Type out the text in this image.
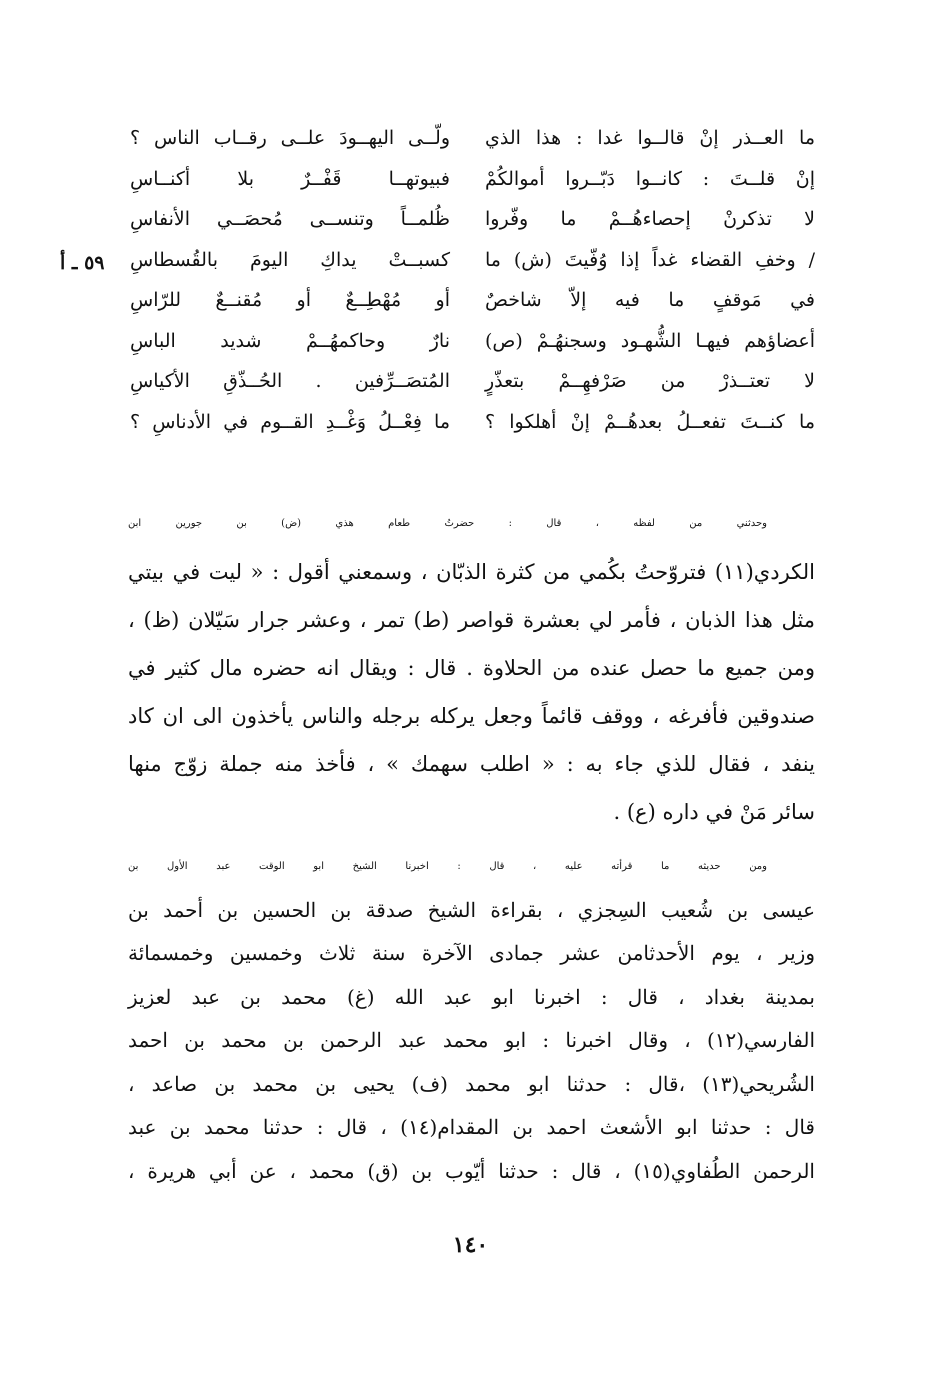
ما العــذر إنْ قالــوا غدا : هذا الذي
إنْ قلــتَ : كانــوا دَبّــروا أموالكُمْ
لا تذكرنْ إحصاءهُــمْ ما وفّروا
/ وخفِ القضاء غداً إذا وُفّيتَ (ش) ما
في مَوقفٍ ما فيه إلاّ شاخصٌ
أعضاؤهم فيهـا الشُّهـود وسجنهُـمْ (ص)
لا تعتــذرْ من صَرْفهِــمْ بتعذّرٍ
ما كنــتَ تفعــلُ بعدهُــمْ إنْ أهلكوا ؟
ولّــى اليهــودَ علــى رقــاب الناس ؟
فبيوتهــا قَفْــرٌ بلا أكنــاسِ
ظُلمــاً وتنســى مُحصَــي الأنفاسِ
كسبــتْ يداكِ اليومَ بالقُسطاسِ
أو مُهْطِــعٌ أو مُقنــعٌ للرّاسِ
نارٌ وحاكمهُــمْ شديد الباسِ
المُتصَــرِّفين . الحُــذّقِ الأكياسِ
ما فِعْــلُ وَغْــدِ القــوم في الأدناسِ ؟
٥٩ ـ أ
وحدثني من لفظه ، قال : حضرتُ طعام هذي (ض) بن جورين ابن
الكردي(١١) فتروّحتُ بكُمي من كثرة الذبّان ، وسمعني أقول : « ليت في بيتي
مثل هذا الذبان ، فأمر لي بعشرة قواصر (ط) تمر ، وعشر جرار سَيّلان (ظ) ،
ومن جميع ما حصل عنده من الحلاوة . قال : ويقال انه حضره مال كثير في
صندوقين فأفرغه ، ووقف قائماً وجعل يركله برجله والناس يأخذون الى ان كاد
ينفد ، فقال للذي جاء به : « اطلب سهمك » ، فأخذ منه جملة زوّج منها
سائر مَنْ في داره (ع) .
ومن حديثه ما قرأته عليه ، قال : اخبرنا الشيخ ابو الوقت عبد الأول بن
عيسى بن شُعيب السِجزي ، بقراءة الشيخ صدقة بن الحسين بن أحمد بن
وزير ، يوم الأحدثامن عشر جمادى الآخرة سنة ثلاث وخمسين وخمسمائة
بمدينة بغداد ، قال : اخبرنا ابو عبد الله (غ) محمد بن عبد لعزيز
الفارسي(١٢) ، وقال اخبرنا : ابو محمد عبد الرحمن بن محمد بن احمد
الشُريحي(١٣) ،قال : حدثنا ابو محمد (ف) يحيى بن محمد بن صاعد ،
قال : حدثنا ابو الأشعث احمد بن المقدام(١٤) ، قال : حدثنا محمد بن عبد
الرحمن الطُفاوي(١٥) ، قال : حدثنا أيّوب بن (ق) محمد ، عن أبي هريرة ،
١٤٠
